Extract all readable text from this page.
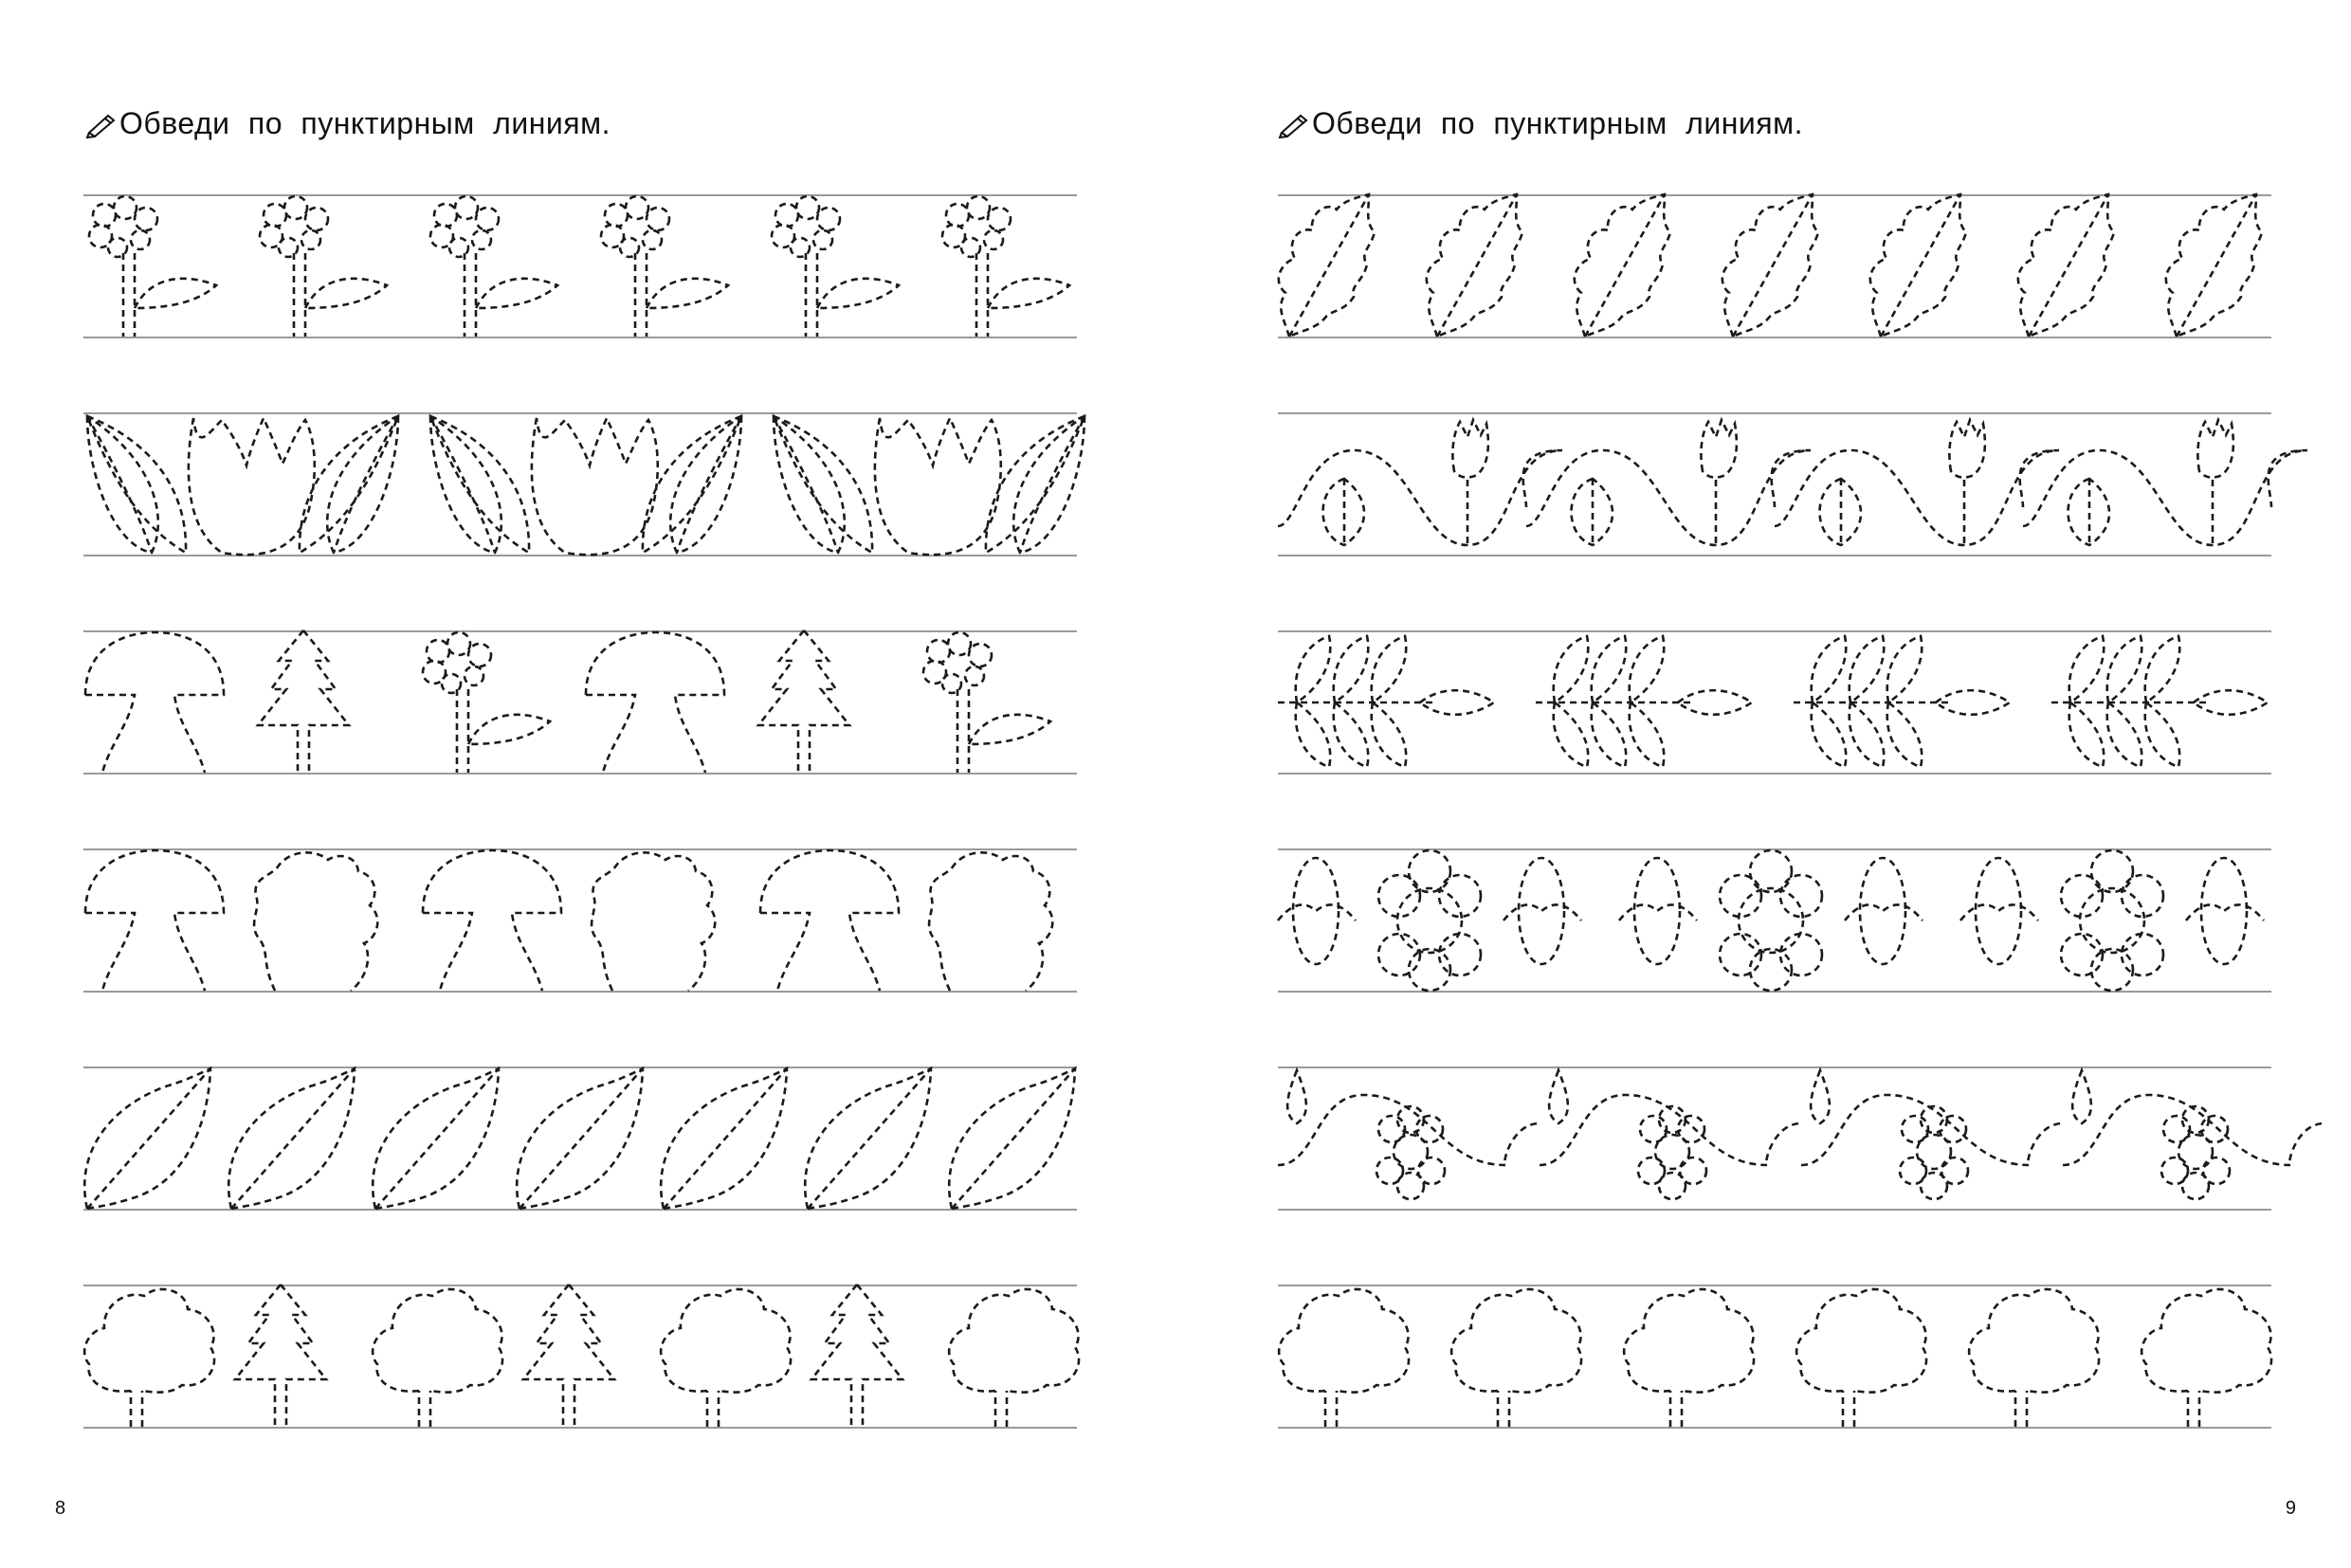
Обведи по пунктирным линиям.
8
Обведи по пунктирным линиям.
9
